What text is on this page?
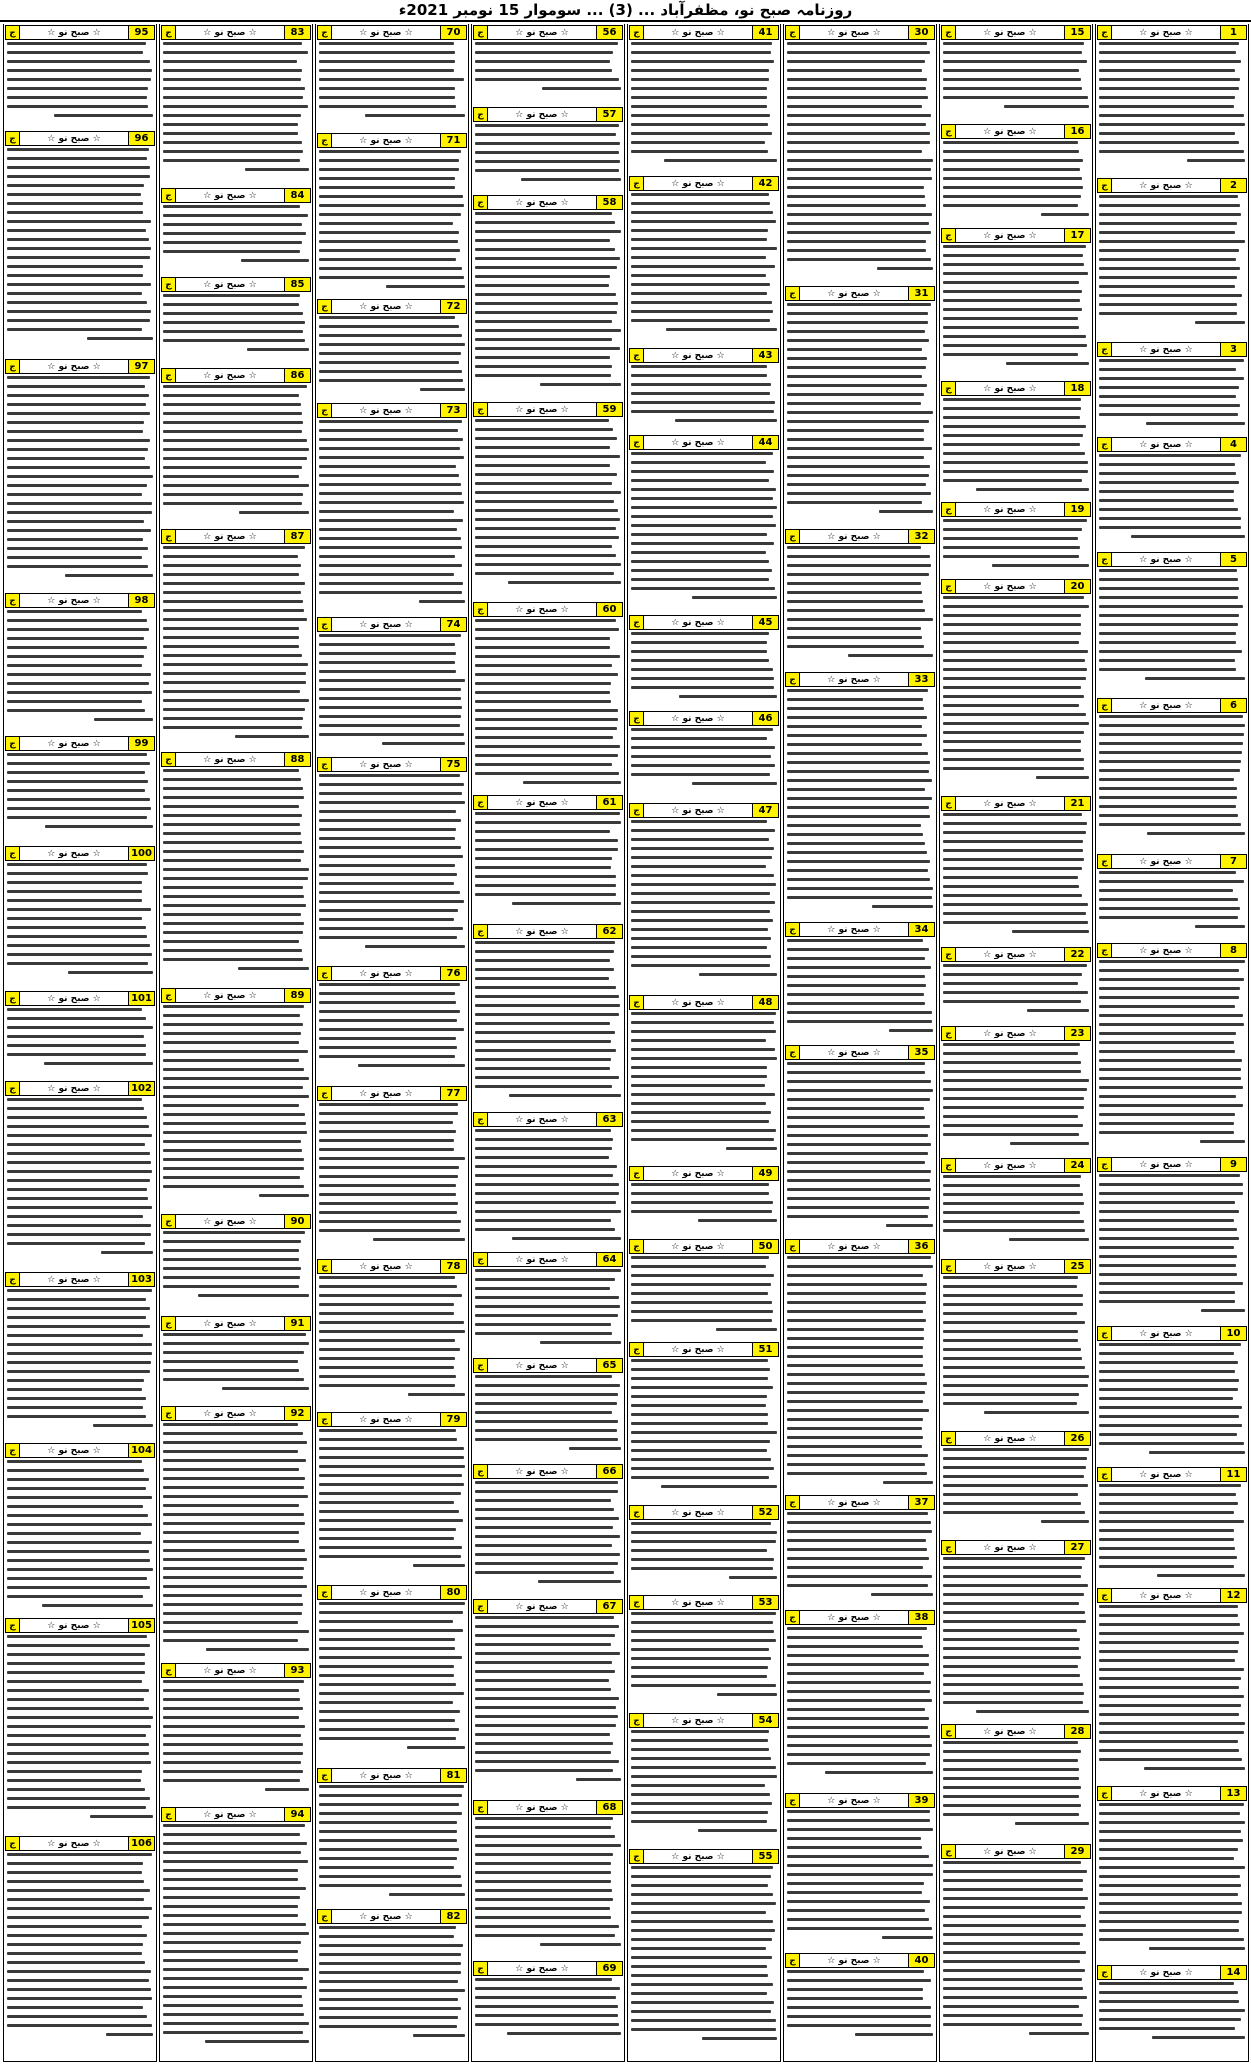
روزنامہ صبح نو، مظفرآباد ... (3) ... سوموار 15 نومبر 2021ء
1
☆ صبح نو ☆
ج
2
☆ صبح نو ☆
ج
3
☆ صبح نو ☆
ج
4
☆ صبح نو ☆
ج
5
☆ صبح نو ☆
ج
6
☆ صبح نو ☆
ج
7
☆ صبح نو ☆
ج
8
☆ صبح نو ☆
ج
9
☆ صبح نو ☆
ج
10
☆ صبح نو ☆
ج
11
☆ صبح نو ☆
ج
12
☆ صبح نو ☆
ج
13
☆ صبح نو ☆
ج
14
☆ صبح نو ☆
ج
15
☆ صبح نو ☆
ج
16
☆ صبح نو ☆
ج
17
☆ صبح نو ☆
ج
18
☆ صبح نو ☆
ج
19
☆ صبح نو ☆
ج
20
☆ صبح نو ☆
ج
21
☆ صبح نو ☆
ج
22
☆ صبح نو ☆
ج
23
☆ صبح نو ☆
ج
24
☆ صبح نو ☆
ج
25
☆ صبح نو ☆
ج
26
☆ صبح نو ☆
ج
27
☆ صبح نو ☆
ج
28
☆ صبح نو ☆
ج
29
☆ صبح نو ☆
ج
30
☆ صبح نو ☆
ج
31
☆ صبح نو ☆
ج
32
☆ صبح نو ☆
ج
33
☆ صبح نو ☆
ج
34
☆ صبح نو ☆
ج
35
☆ صبح نو ☆
ج
36
☆ صبح نو ☆
ج
37
☆ صبح نو ☆
ج
38
☆ صبح نو ☆
ج
39
☆ صبح نو ☆
ج
40
☆ صبح نو ☆
ج
41
☆ صبح نو ☆
ج
42
☆ صبح نو ☆
ج
43
☆ صبح نو ☆
ج
44
☆ صبح نو ☆
ج
45
☆ صبح نو ☆
ج
46
☆ صبح نو ☆
ج
47
☆ صبح نو ☆
ج
48
☆ صبح نو ☆
ج
49
☆ صبح نو ☆
ج
50
☆ صبح نو ☆
ج
51
☆ صبح نو ☆
ج
52
☆ صبح نو ☆
ج
53
☆ صبح نو ☆
ج
54
☆ صبح نو ☆
ج
55
☆ صبح نو ☆
ج
56
☆ صبح نو ☆
ج
57
☆ صبح نو ☆
ج
58
☆ صبح نو ☆
ج
59
☆ صبح نو ☆
ج
60
☆ صبح نو ☆
ج
61
☆ صبح نو ☆
ج
62
☆ صبح نو ☆
ج
63
☆ صبح نو ☆
ج
64
☆ صبح نو ☆
ج
65
☆ صبح نو ☆
ج
66
☆ صبح نو ☆
ج
67
☆ صبح نو ☆
ج
68
☆ صبح نو ☆
ج
69
☆ صبح نو ☆
ج
70
☆ صبح نو ☆
ج
71
☆ صبح نو ☆
ج
72
☆ صبح نو ☆
ج
73
☆ صبح نو ☆
ج
74
☆ صبح نو ☆
ج
75
☆ صبح نو ☆
ج
76
☆ صبح نو ☆
ج
77
☆ صبح نو ☆
ج
78
☆ صبح نو ☆
ج
79
☆ صبح نو ☆
ج
80
☆ صبح نو ☆
ج
81
☆ صبح نو ☆
ج
82
☆ صبح نو ☆
ج
83
☆ صبح نو ☆
ج
84
☆ صبح نو ☆
ج
85
☆ صبح نو ☆
ج
86
☆ صبح نو ☆
ج
87
☆ صبح نو ☆
ج
88
☆ صبح نو ☆
ج
89
☆ صبح نو ☆
ج
90
☆ صبح نو ☆
ج
91
☆ صبح نو ☆
ج
92
☆ صبح نو ☆
ج
93
☆ صبح نو ☆
ج
94
☆ صبح نو ☆
ج
95
☆ صبح نو ☆
ج
96
☆ صبح نو ☆
ج
97
☆ صبح نو ☆
ج
98
☆ صبح نو ☆
ج
99
☆ صبح نو ☆
ج
100
☆ صبح نو ☆
ج
101
☆ صبح نو ☆
ج
102
☆ صبح نو ☆
ج
103
☆ صبح نو ☆
ج
104
☆ صبح نو ☆
ج
105
☆ صبح نو ☆
ج
106
☆ صبح نو ☆
ج
